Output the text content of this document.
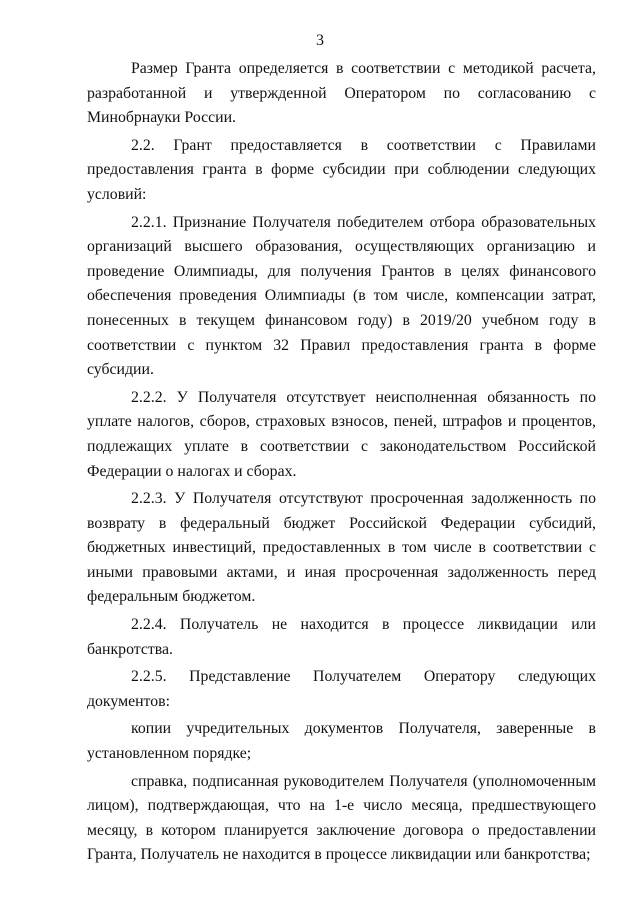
3

Размер Гранта определяется в соответствии с методикой расчета, разработанной и утвержденной Оператором по согласованию с Минобрнауки России.

2.2. Грант предоставляется в соответствии с Правилами предоставления гранта в форме субсидии при соблюдении следующих условий:

2.2.1. Признание Получателя победителем отбора образовательных организаций высшего образования, осуществляющих организацию и проведение Олимпиады, для получения Грантов в целях финансового обеспечения проведения Олимпиады (в том числе, компенсации затрат, понесенных в текущем финансовом году) в 2019/20 учебном году в соответствии с пунктом 32 Правил предоставления гранта в форме субсидии.

2.2.2. У Получателя отсутствует неисполненная обязанность по уплате налогов, сборов, страховых взносов, пеней, штрафов и процентов, подлежащих уплате в соответствии с законодательством Российской Федерации о налогах и сборах.

2.2.3. У Получателя отсутствуют просроченная задолженность по возврату в федеральный бюджет Российской Федерации субсидий, бюджетных инвестиций, предоставленных в том числе в соответствии с иными правовыми актами, и иная просроченная задолженность перед федеральным бюджетом.

2.2.4. Получатель не находится в процессе ликвидации или банкротства.

2.2.5. Представление Получателем Оператору следующих документов:

копии учредительных документов Получателя, заверенные в установленном порядке;

справка, подписанная руководителем Получателя (уполномоченным лицом), подтверждающая, что на 1-е число месяца, предшествующего месяцу, в котором планируется заключение договора о предоставлении Гранта, Получатель не находится в процессе ликвидации или банкротства;
